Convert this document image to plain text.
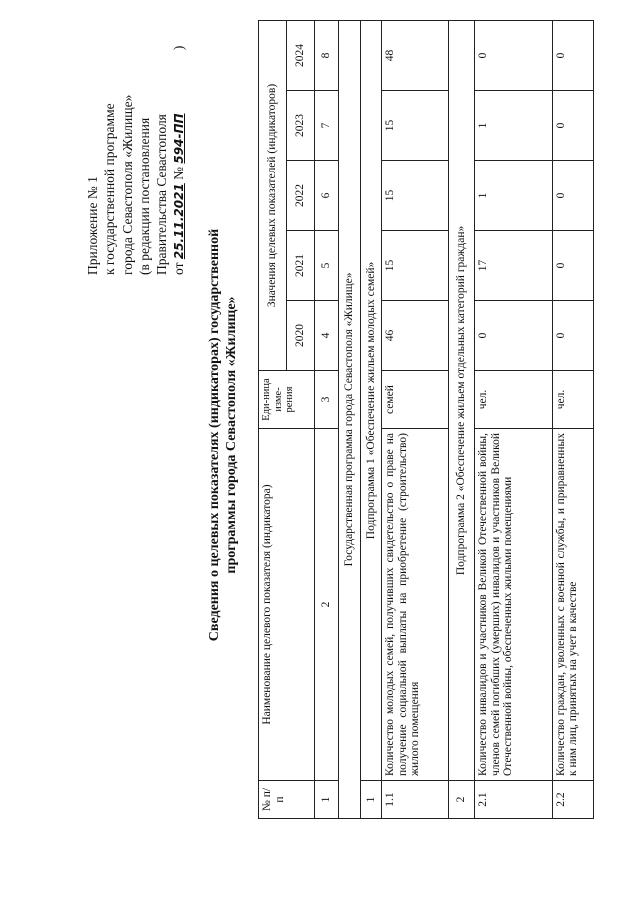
Приложение № 1 к государственной программе города Севастополя «Жилище» (в редакции постановления Правительства Севастополя от 25.11.2021 № 594-ПП )
Сведения о целевых показателях (индикаторах) государственной программы города Севастополя «Жилище»
№ п/п	Наименование целевого показателя (индикатора)	Еди-ница изме-рения	Значения целевых показателей (индикаторов)				
			2020	2021	2022	2023	2024
1	2	3	4	5	6	7	8
Государственная программа города Севастополя «Жилище»							
1	Подпрограмма 1 «Обеспечение жильем молодых семей»						
1.1	Количество молодых семей, получивших свидетельство о праве на получение социальной выплаты на приобретение (строительство) жилого помещения	семей	46	15	15	15	48
2	Подпрограмма 2 «Обеспечение жильем отдельных категорий граждан»						
2.1	Количество инвалидов и участников Великой Отечественной войны, членов семей погибших (умерших) инвалидов и участников Великой Отечественной войны, обеспеченных жилыми помещениями	чел.	0	17	1	1	0
2.2	Количество граждан, уволенных с военной службы, и приравненных к ним лиц, принятых на учет в качестве	чел.	0	0	0	0	0
